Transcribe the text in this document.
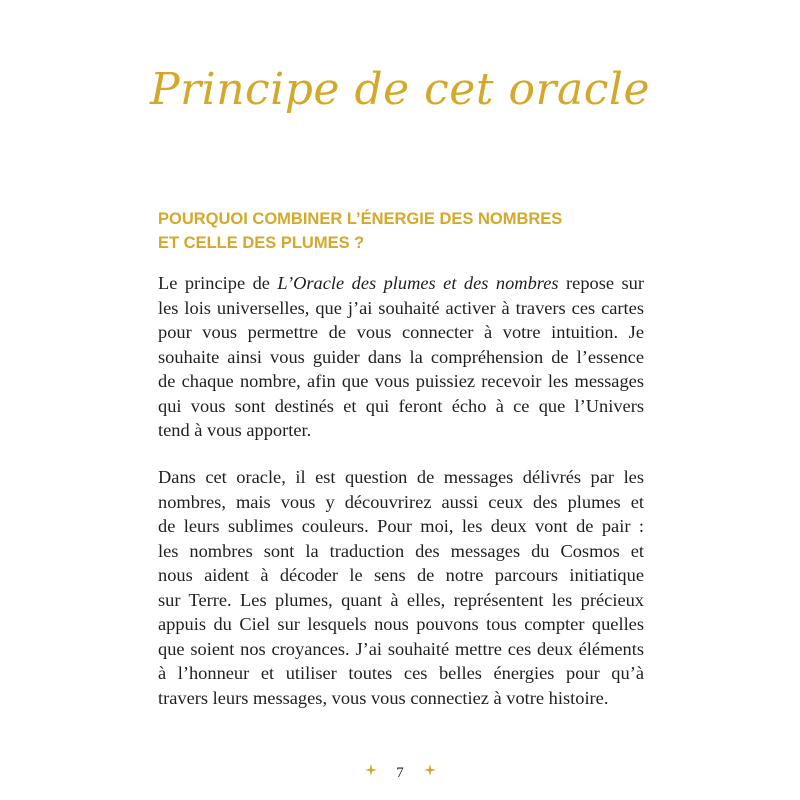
Principe de cet oracle
POURQUOI COMBINER L’ÉNERGIE DES NOMBRES
ET CELLE DES PLUMES ?

Le principe de L’Oracle des plumes et des nombres repose sur
les lois universelles, que j’ai souhaité activer à travers ces cartes
pour vous permettre de vous connecter à votre intuition. Je
souhaite ainsi vous guider dans la compréhension de l’essence
de chaque nombre, afin que vous puissiez recevoir les messages
qui vous sont destinés et qui feront écho à ce que l’Univers
tend à vous apporter.

Dans cet oracle, il est question de messages délivrés par les
nombres, mais vous y découvrirez aussi ceux des plumes et
de leurs sublimes couleurs. Pour moi, les deux vont de pair :
les nombres sont la traduction des messages du Cosmos et
nous aident à décoder le sens de notre parcours initiatique
sur Terre. Les plumes, quant à elles, représentent les précieux
appuis du Ciel sur lesquels nous pouvons tous compter quelles
que soient nos croyances. J’ai souhaité mettre ces deux éléments
à l’honneur et utiliser toutes ces belles énergies pour qu’à
travers leurs messages, vous vous connectiez à votre histoire.

7
